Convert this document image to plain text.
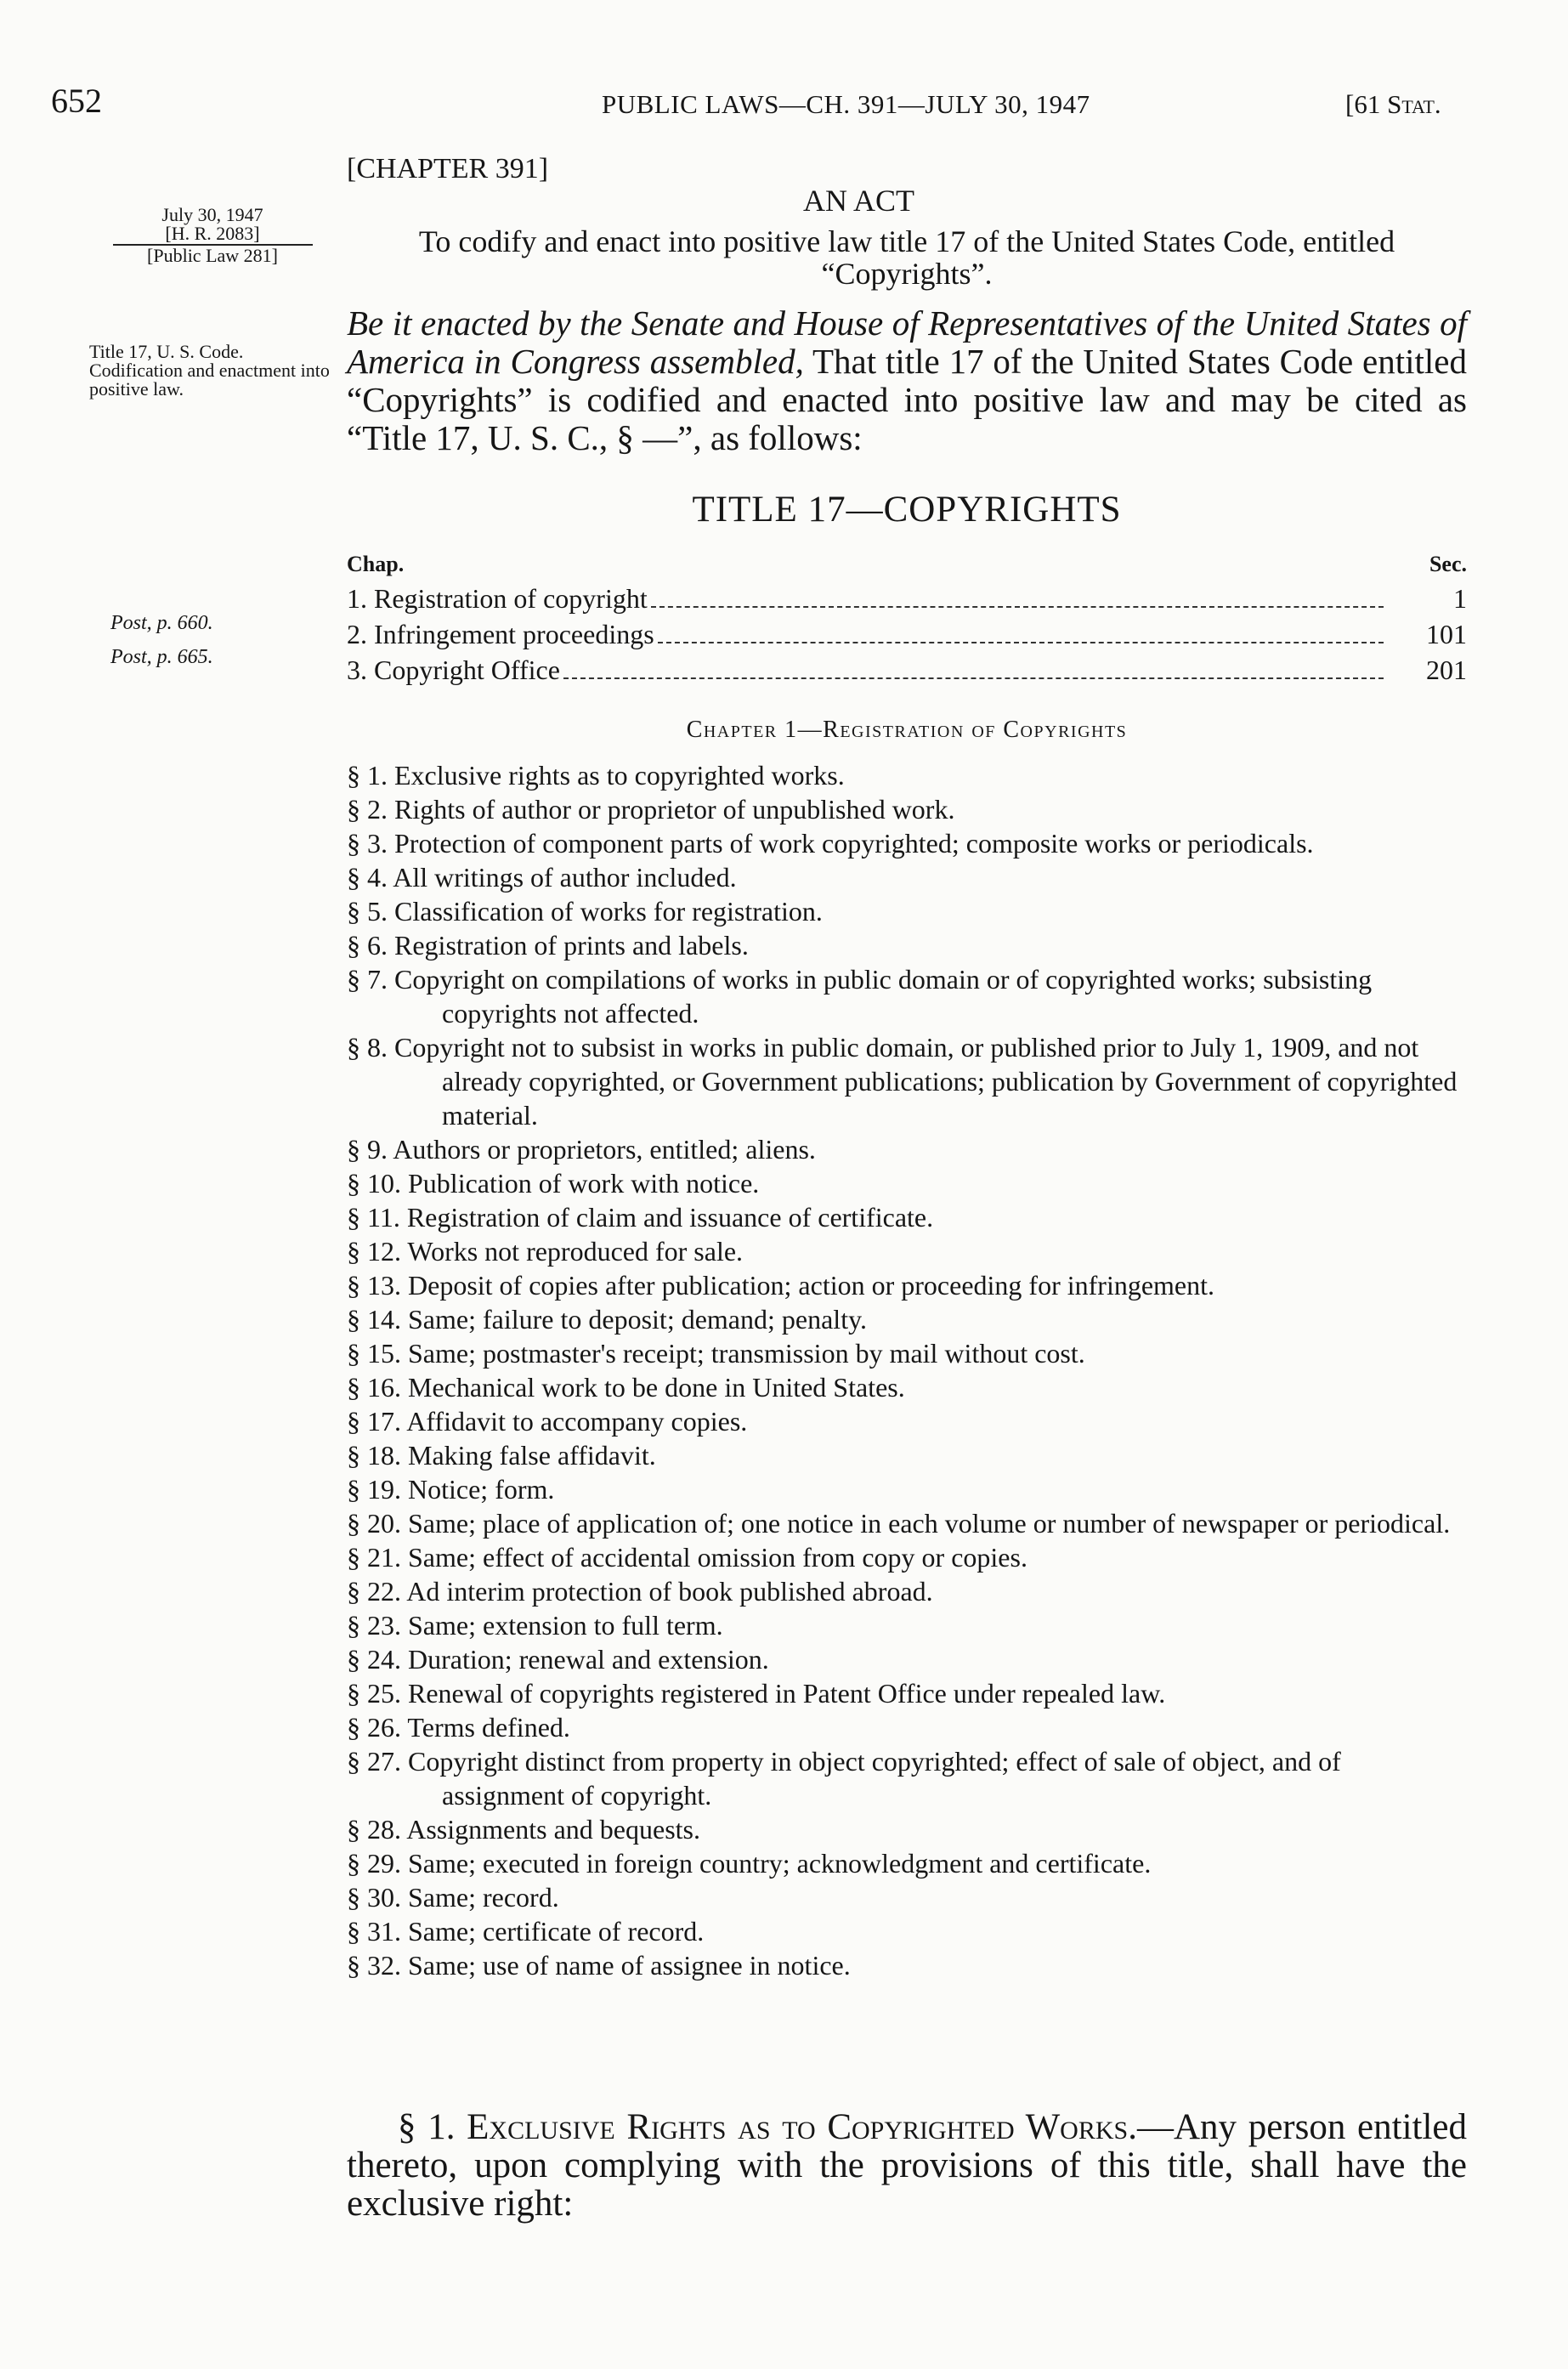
652	PUBLIC LAWS—CH. 391—JULY 30, 1947	[61 Stat.
[CHAPTER 391]
AN ACT
To codify and enact into positive law title 17 of the United States Code, entitled “Copyrights”.
July 30, 1947
[H. R. 2083]
[Public Law 281]
Title 17, U. S. Code. Codification and enactment into positive law.
Post, p. 660.
Post, p. 665.
Be it enacted by the Senate and House of Representatives of the United States of America in Congress assembled, That title 17 of the United States Code entitled “Copyrights” is codified and enacted into positive law and may be cited as “Title 17, U. S. C., § —”, as follows:
TITLE 17—COPYRIGHTS
Chap.	Sec.
1. Registration of copyright	1
2. Infringement proceedings	101
3. Copyright Office	201
Chapter 1—Registration of Copyrights
§ 1. Exclusive rights as to copyrighted works.
§ 2. Rights of author or proprietor of unpublished work.
§ 3. Protection of component parts of work copyrighted; composite works or periodicals.
§ 4. All writings of author included.
§ 5. Classification of works for registration.
§ 6. Registration of prints and labels.
§ 7. Copyright on compilations of works in public domain or of copyrighted works; subsisting copyrights not affected.
§ 8. Copyright not to subsist in works in public domain, or published prior to July 1, 1909, and not already copyrighted, or Government publications; publication by Government of copyrighted material.
§ 9. Authors or proprietors, entitled; aliens.
§ 10. Publication of work with notice.
§ 11. Registration of claim and issuance of certificate.
§ 12. Works not reproduced for sale.
§ 13. Deposit of copies after publication; action or proceeding for infringement.
§ 14. Same; failure to deposit; demand; penalty.
§ 15. Same; postmaster's receipt; transmission by mail without cost.
§ 16. Mechanical work to be done in United States.
§ 17. Affidavit to accompany copies.
§ 18. Making false affidavit.
§ 19. Notice; form.
§ 20. Same; place of application of; one notice in each volume or number of newspaper or periodical.
§ 21. Same; effect of accidental omission from copy or copies.
§ 22. Ad interim protection of book published abroad.
§ 23. Same; extension to full term.
§ 24. Duration; renewal and extension.
§ 25. Renewal of copyrights registered in Patent Office under repealed law.
§ 26. Terms defined.
§ 27. Copyright distinct from property in object copyrighted; effect of sale of object, and of assignment of copyright.
§ 28. Assignments and bequests.
§ 29. Same; executed in foreign country; acknowledgment and certificate.
§ 30. Same; record.
§ 31. Same; certificate of record.
§ 32. Same; use of name of assignee in notice.
§ 1. Exclusive Rights as to Copyrighted Works.—Any person entitled thereto, upon complying with the provisions of this title, shall have the exclusive right:
